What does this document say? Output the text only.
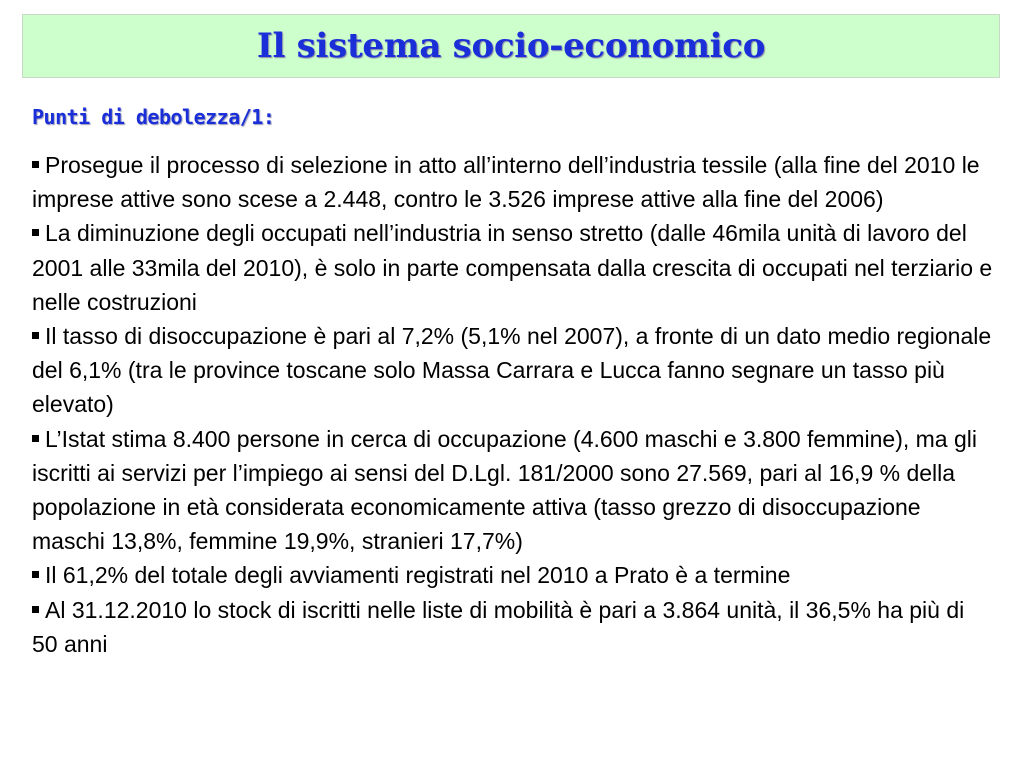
Il sistema socio-economico
Punti di debolezza/1:
Prosegue il processo di selezione in atto all’interno dell’industria tessile (alla fine del 2010 le imprese attive sono scese a 2.448, contro le 3.526 imprese attive alla fine del 2006)
La diminuzione degli occupati nell’industria in senso stretto (dalle 46mila unità di lavoro del 2001 alle 33mila del 2010), è solo in parte compensata dalla crescita di occupati nel terziario e nelle costruzioni
Il tasso di disoccupazione è pari al 7,2% (5,1% nel 2007), a fronte di un dato medio regionale del 6,1% (tra le province toscane solo Massa Carrara e Lucca fanno segnare un tasso più elevato)
L’Istat stima 8.400 persone in cerca di occupazione (4.600 maschi e 3.800 femmine), ma gli iscritti ai servizi per l’impiego ai sensi del D.Lgl. 181/2000 sono 27.569, pari al 16,9 % della popolazione in età considerata economicamente attiva (tasso grezzo di disoccupazione maschi 13,8%, femmine 19,9%, stranieri 17,7%)
Il 61,2% del totale degli avviamenti registrati nel 2010 a Prato è a termine
Al 31.12.2010 lo stock di iscritti nelle liste di mobilità è pari a 3.864 unità, il 36,5% ha più di 50 anni
